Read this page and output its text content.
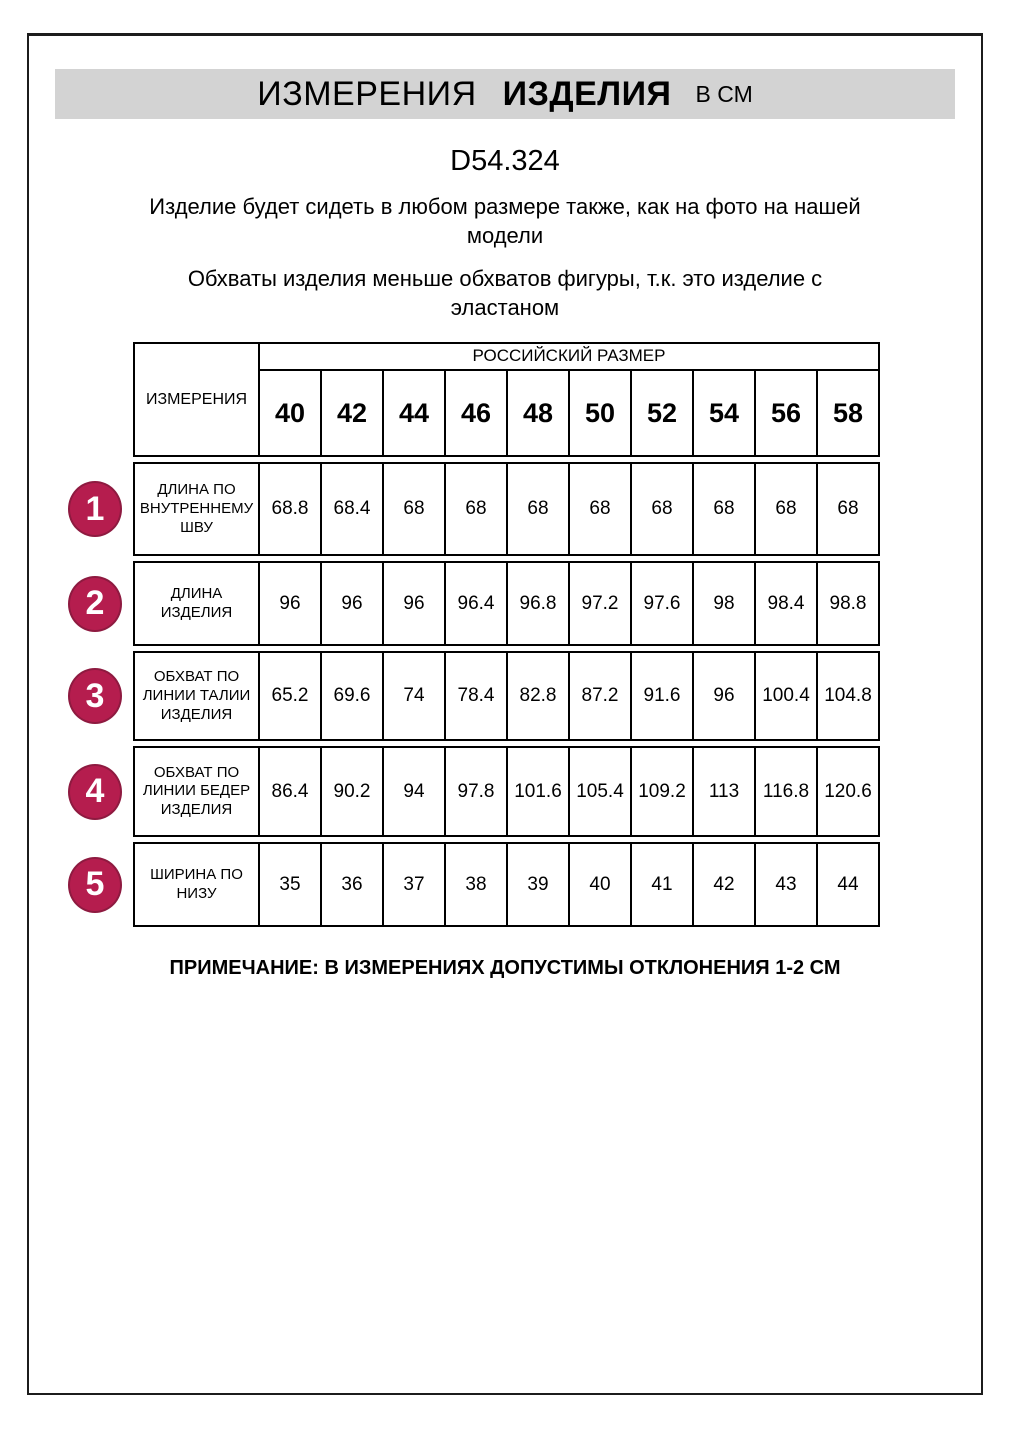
ИЗМЕРЕНИЯ ИЗДЕЛИЯ В СМ
D54.324
Изделие будет сидеть в любом размере также, как на фото на нашей
модели
Обхваты изделия меньше обхватов фигуры, т.к. это изделие с
эластаном
ИЗМЕРЕНИЯ
РОССИЙСКИЙ РАЗМЕР
40	42	44	46	48	50	52	54	56	58
1
ДЛИНА ПО ВНУТРЕННЕМУ ШВУ
68.8	68.4	68	68	68	68	68	68	68	68
2	ДЛИНА ИЗДЕЛИЯ	96	96	96	96.4	96.8	97.2	97.6	98	98.4	98.8
3
ОБХВАТ ПО ЛИНИИ ТАЛИИ ИЗДЕЛИЯ
65.2	69.6	74	78.4	82.8	87.2	91.6	96	100.4 104.8
4
ОБХВАТ ПО ЛИНИИ БЕДЕР ИЗДЕЛИЯ
86.4	90.2	94	97.8	101.6 105.4 109.2	113	116.8 120.6
5	ШИРИНА ПО НИЗУ	35	36	37	38	39	40	41	42	43	44
ПРИМЕЧАНИЕ: В ИЗМЕРЕНИЯХ ДОПУСТИМЫ ОТКЛОНЕНИЯ 1-2 СМ
